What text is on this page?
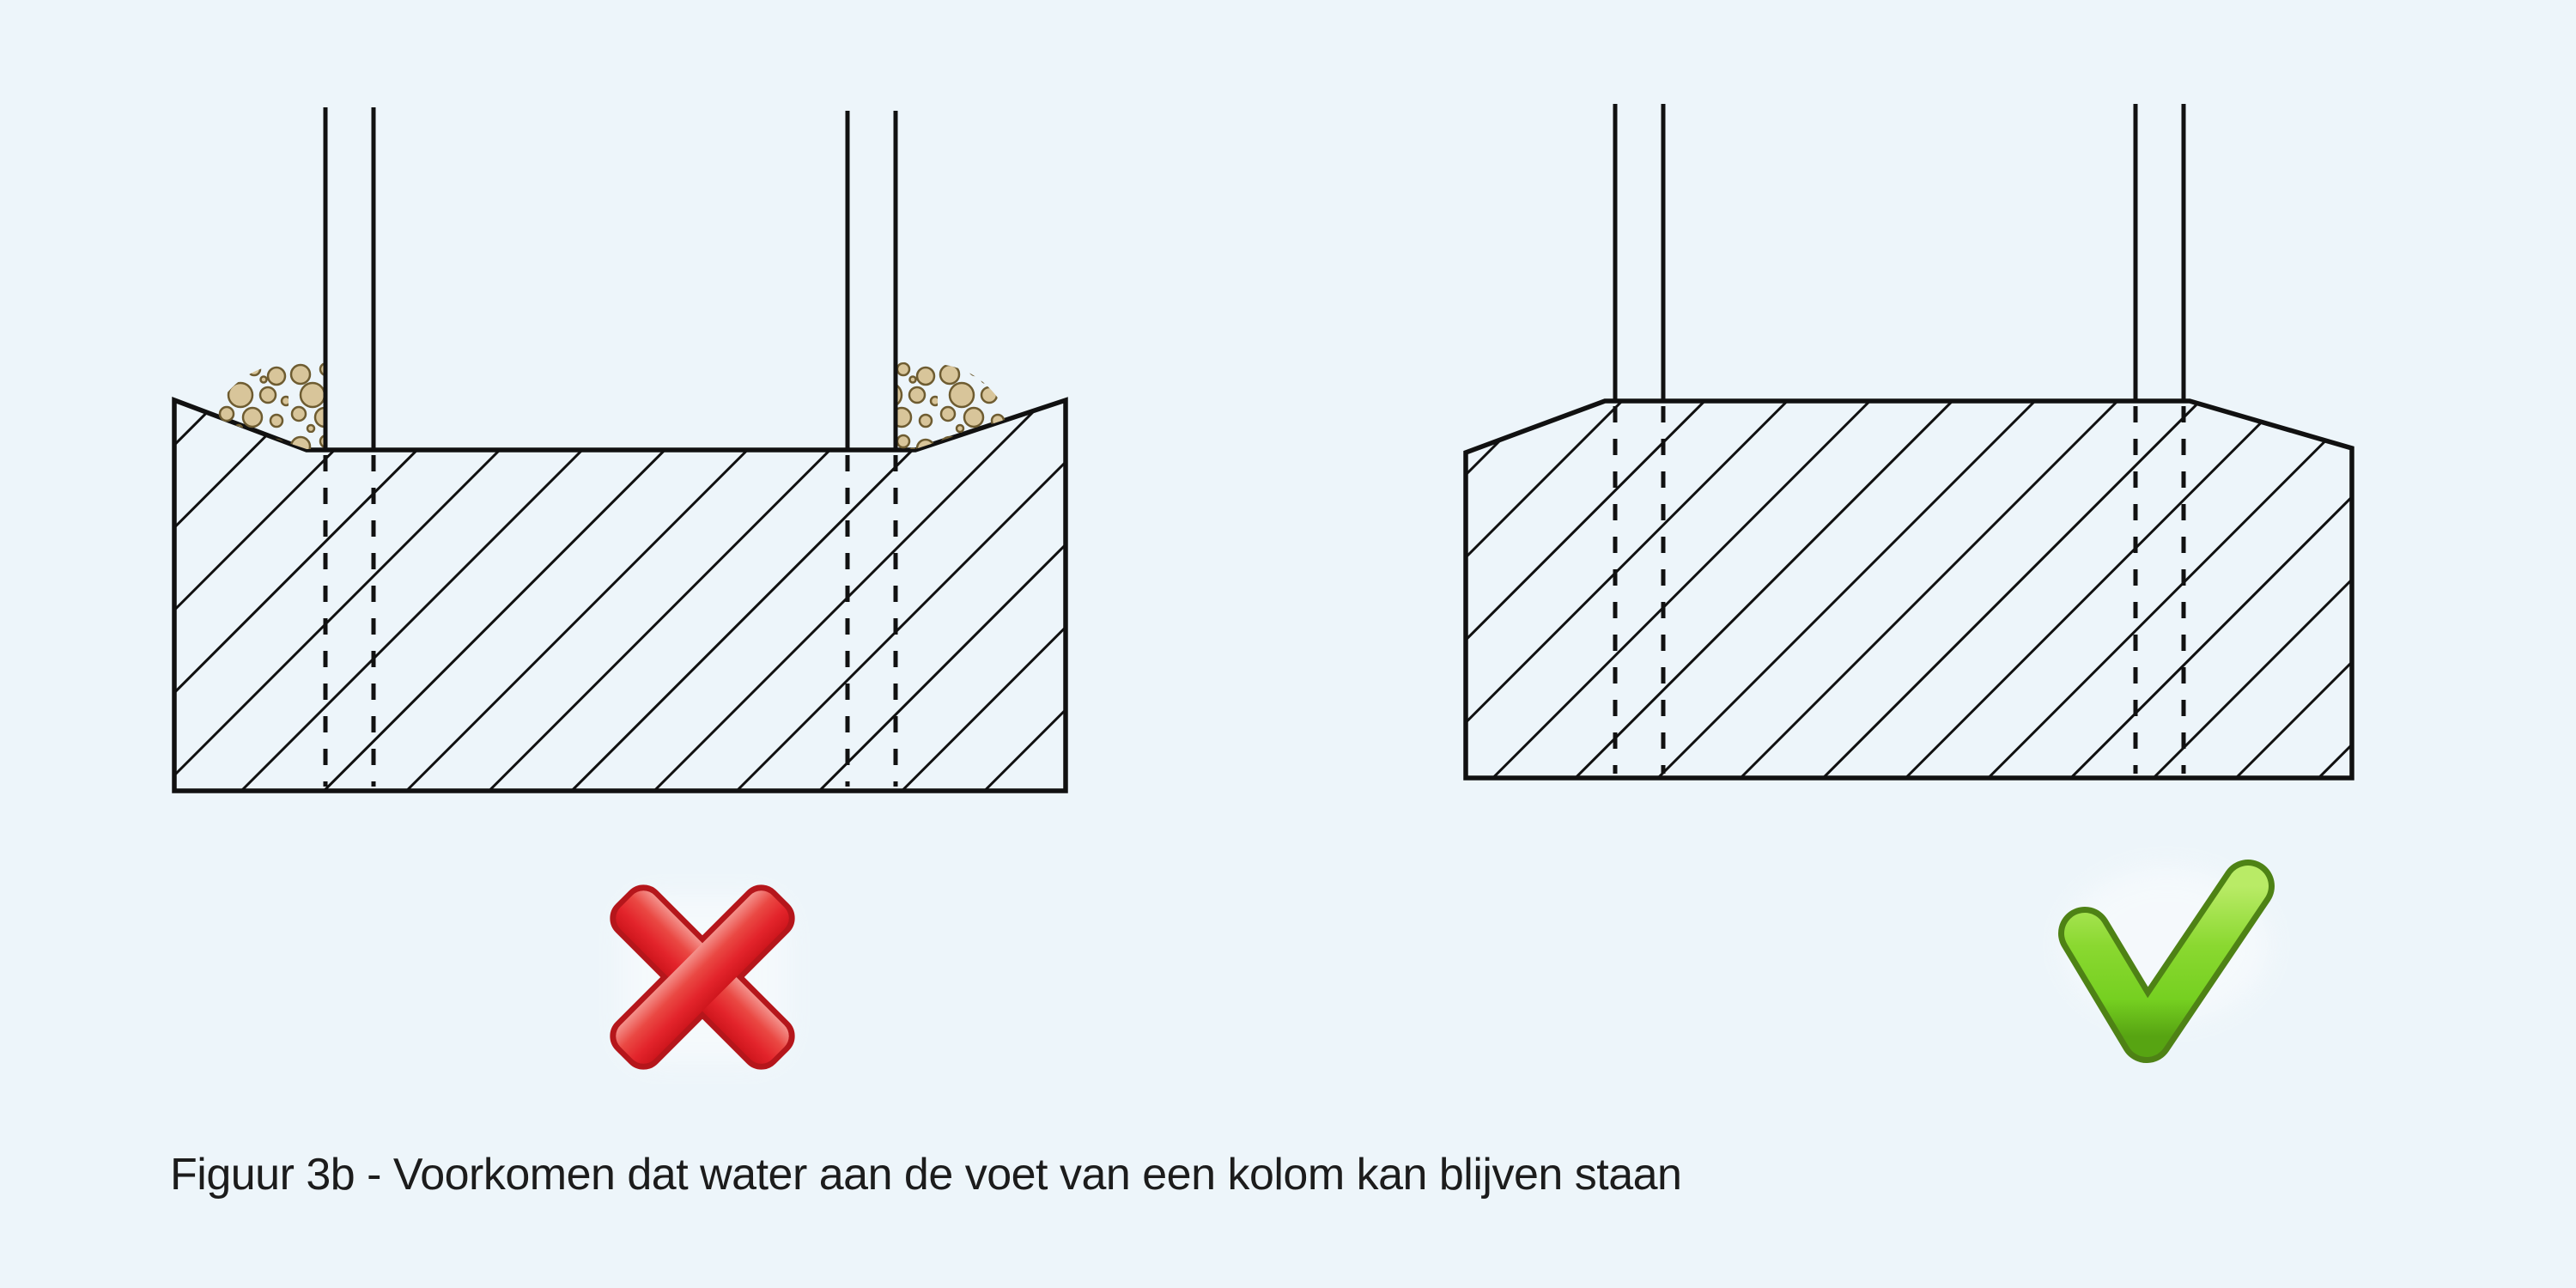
Figuur 3b - Voorkomen dat water aan de voet van een kolom kan blijven staan
